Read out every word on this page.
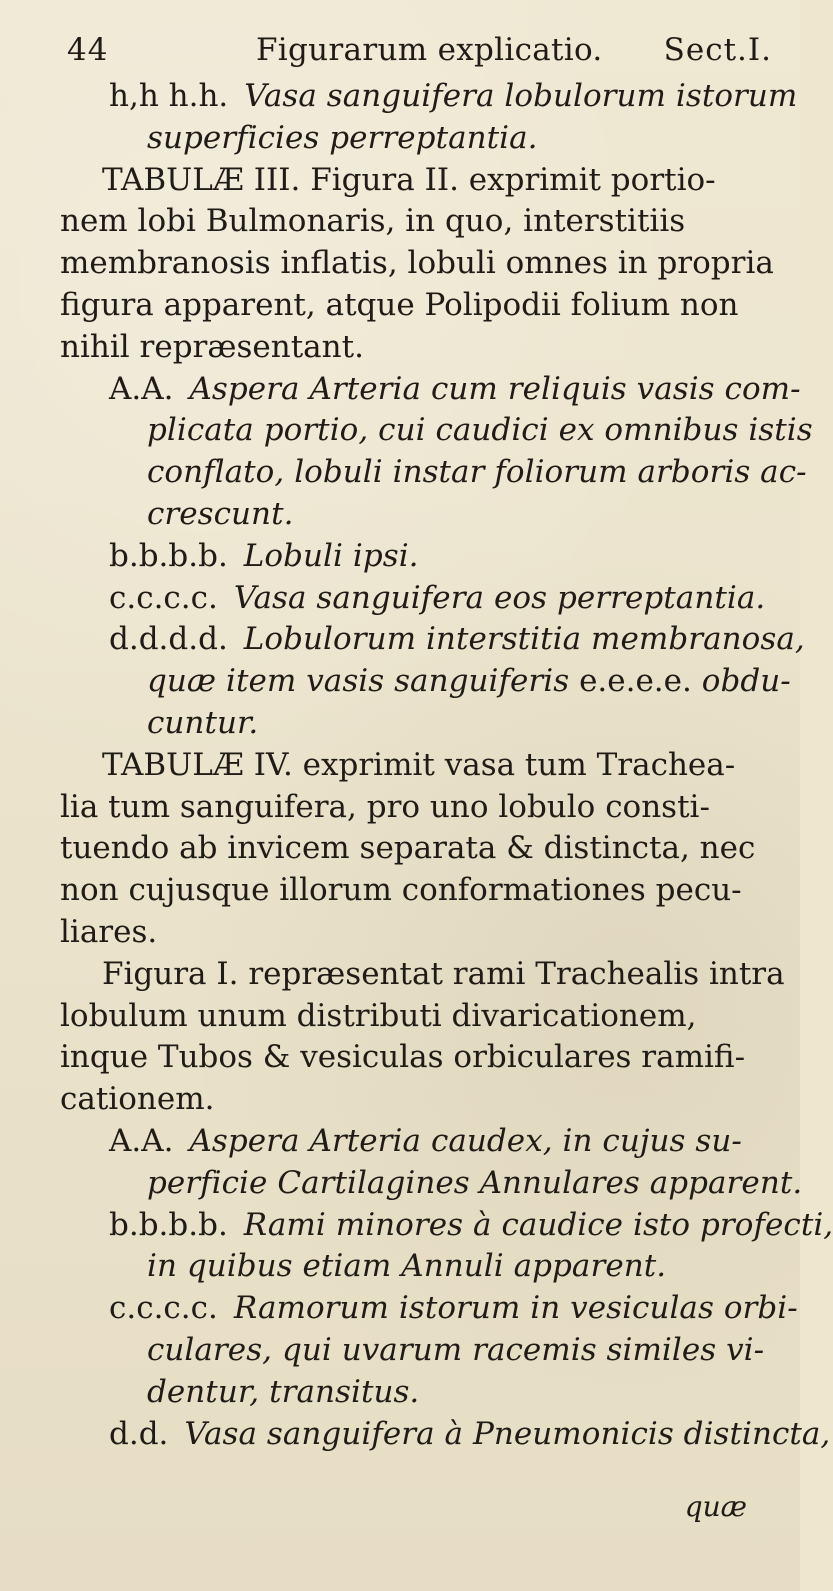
44	Figurarum explicatio. Sect.I.
h,h h.h. Vasa sanguifera lobulorum istorum
superficies perreptantia.
TABULÆ III. Figura II. exprimit portio-
nem lobi Bulmonaris, in quo, interstitiis
membranosis inflatis, lobuli omnes in propria
figura apparent, atque Polipodii folium non
nihil repræsentant.
A.A. Aspera Arteria cum reliquis vasis com-
plicata portio, cui caudici ex omnibus istis
conflato, lobuli instar foliorum arboris ac-
crescunt.
b.b.b.b. Lobuli ipsi.
c.c.c.c. Vasa sanguifera eos perreptantia.
d.d.d.d. Lobulorum interstitia membranosa,
quæ item vasis sanguiferis e.e.e.e. obdu-
cuntur.
TABULÆ IV. exprimit vasa tum Trachea-
lia tum sanguifera, pro uno lobulo consti-
tuendo ab invicem separata & distincta, nec
non cujusque illorum conformationes pecu-
liares.
Figura I. repræsentat rami Trachealis intra
lobulum unum distributi divaricationem,
inque Tubos & vesiculas orbiculares ramifi-
cationem.
A.A. Aspera Arteria caudex, in cujus su-
perficie Cartilagines Annulares apparent.
b.b.b.b. Rami minores à caudice isto profecti,
in quibus etiam Annuli apparent.
c.c.c.c. Ramorum istorum in vesiculas orbi-
culares, qui uvarum racemis similes vi-
dentur, transitus.
d.d. Vasa sanguifera à Pneumonicis distincta,
quæ
